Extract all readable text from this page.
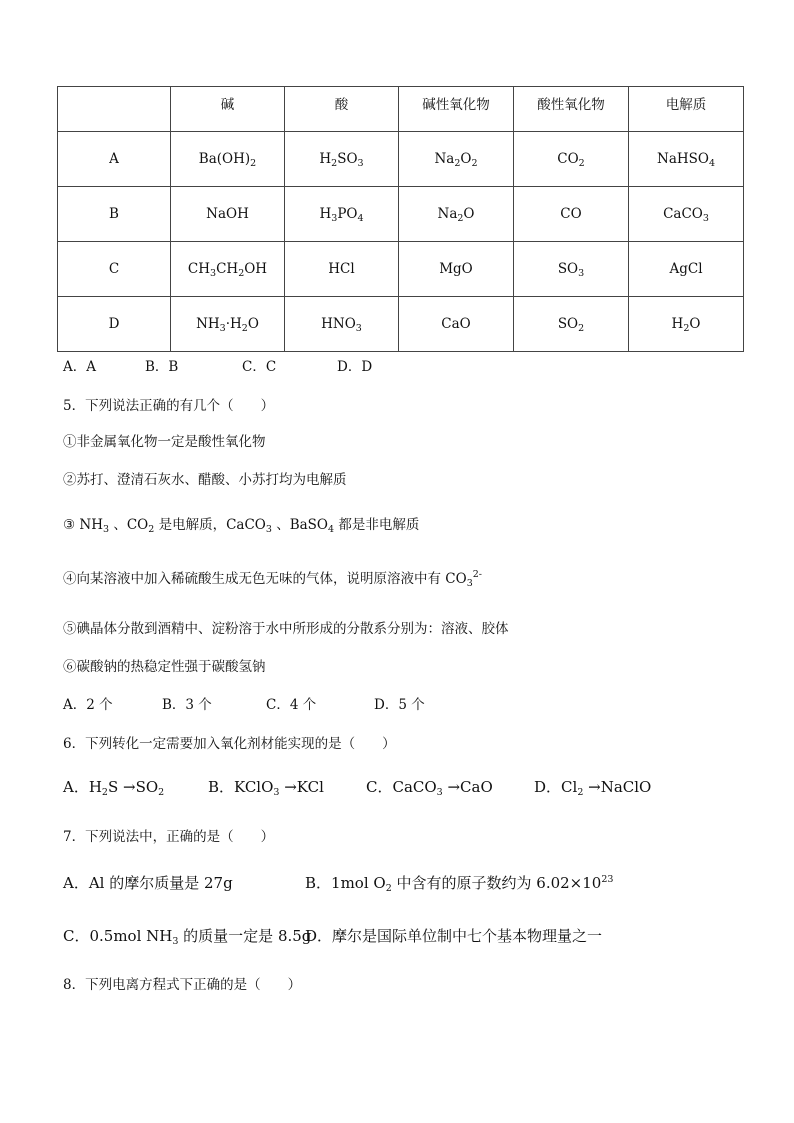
	碱	酸	碱性氧化物	酸性氧化物	电解质
A	$Ba(OH)_2$	$H_2SO_3$	$Na_2O_2$	$CO_2$	NaHSO$_4$
B	NaOH	$H_3PO_4$	$Na_2O$	CO	CaCO$_3$
C	$CH_3CH_2OH$	HCl	MgO	$SO_3$	AgCl
D	$NH_3\cdot H_2O$	$HNO_3$	CaO	$SO_2$	$H_2O$
A．A	B．B	C．C	D．D
5．下列说法正确的有几个（　　）
①非金属氧化物一定是酸性氧化物
②苏打、澄清石灰水、醋酸、小苏打均为电解质
③ $NH_3$ 、$CO_2$ 是电解质，CaCO$_3$ 、BaSO$_4$ 都是非电解质
④向某溶液中加入稀硫酸生成无色无味的气体，说明原溶液中有 $CO_3^{2-}$
⑤碘晶体分散到酒精中、淀粉溶于水中所形成的分散系分别为：溶液、胶体
⑥碳酸钠的热稳定性强于碳酸氢钠
A．2 个	B．3 个	C．4 个	D．5 个
6．下列转化一定需要加入氧化剂材能实现的是（　　）
A．$H_2S \to SO_2$	B．KClO$_3$ →KCl	C．CaCO$_3$ →CaO	D．$Cl_2$ →NaClO
7．下列说法中，正确的是（　　）
A．Al 的摩尔质量是 27g	B．1mol $O_2$ 中含有的原子数约为 $6.02\times 10^{23}$
C．0.5mol $NH_3$ 的质量一定是 8.5g
D．摩尔是国际单位制中七个基本物理量之一
8．下列电离方程式下正确的是（　　）
